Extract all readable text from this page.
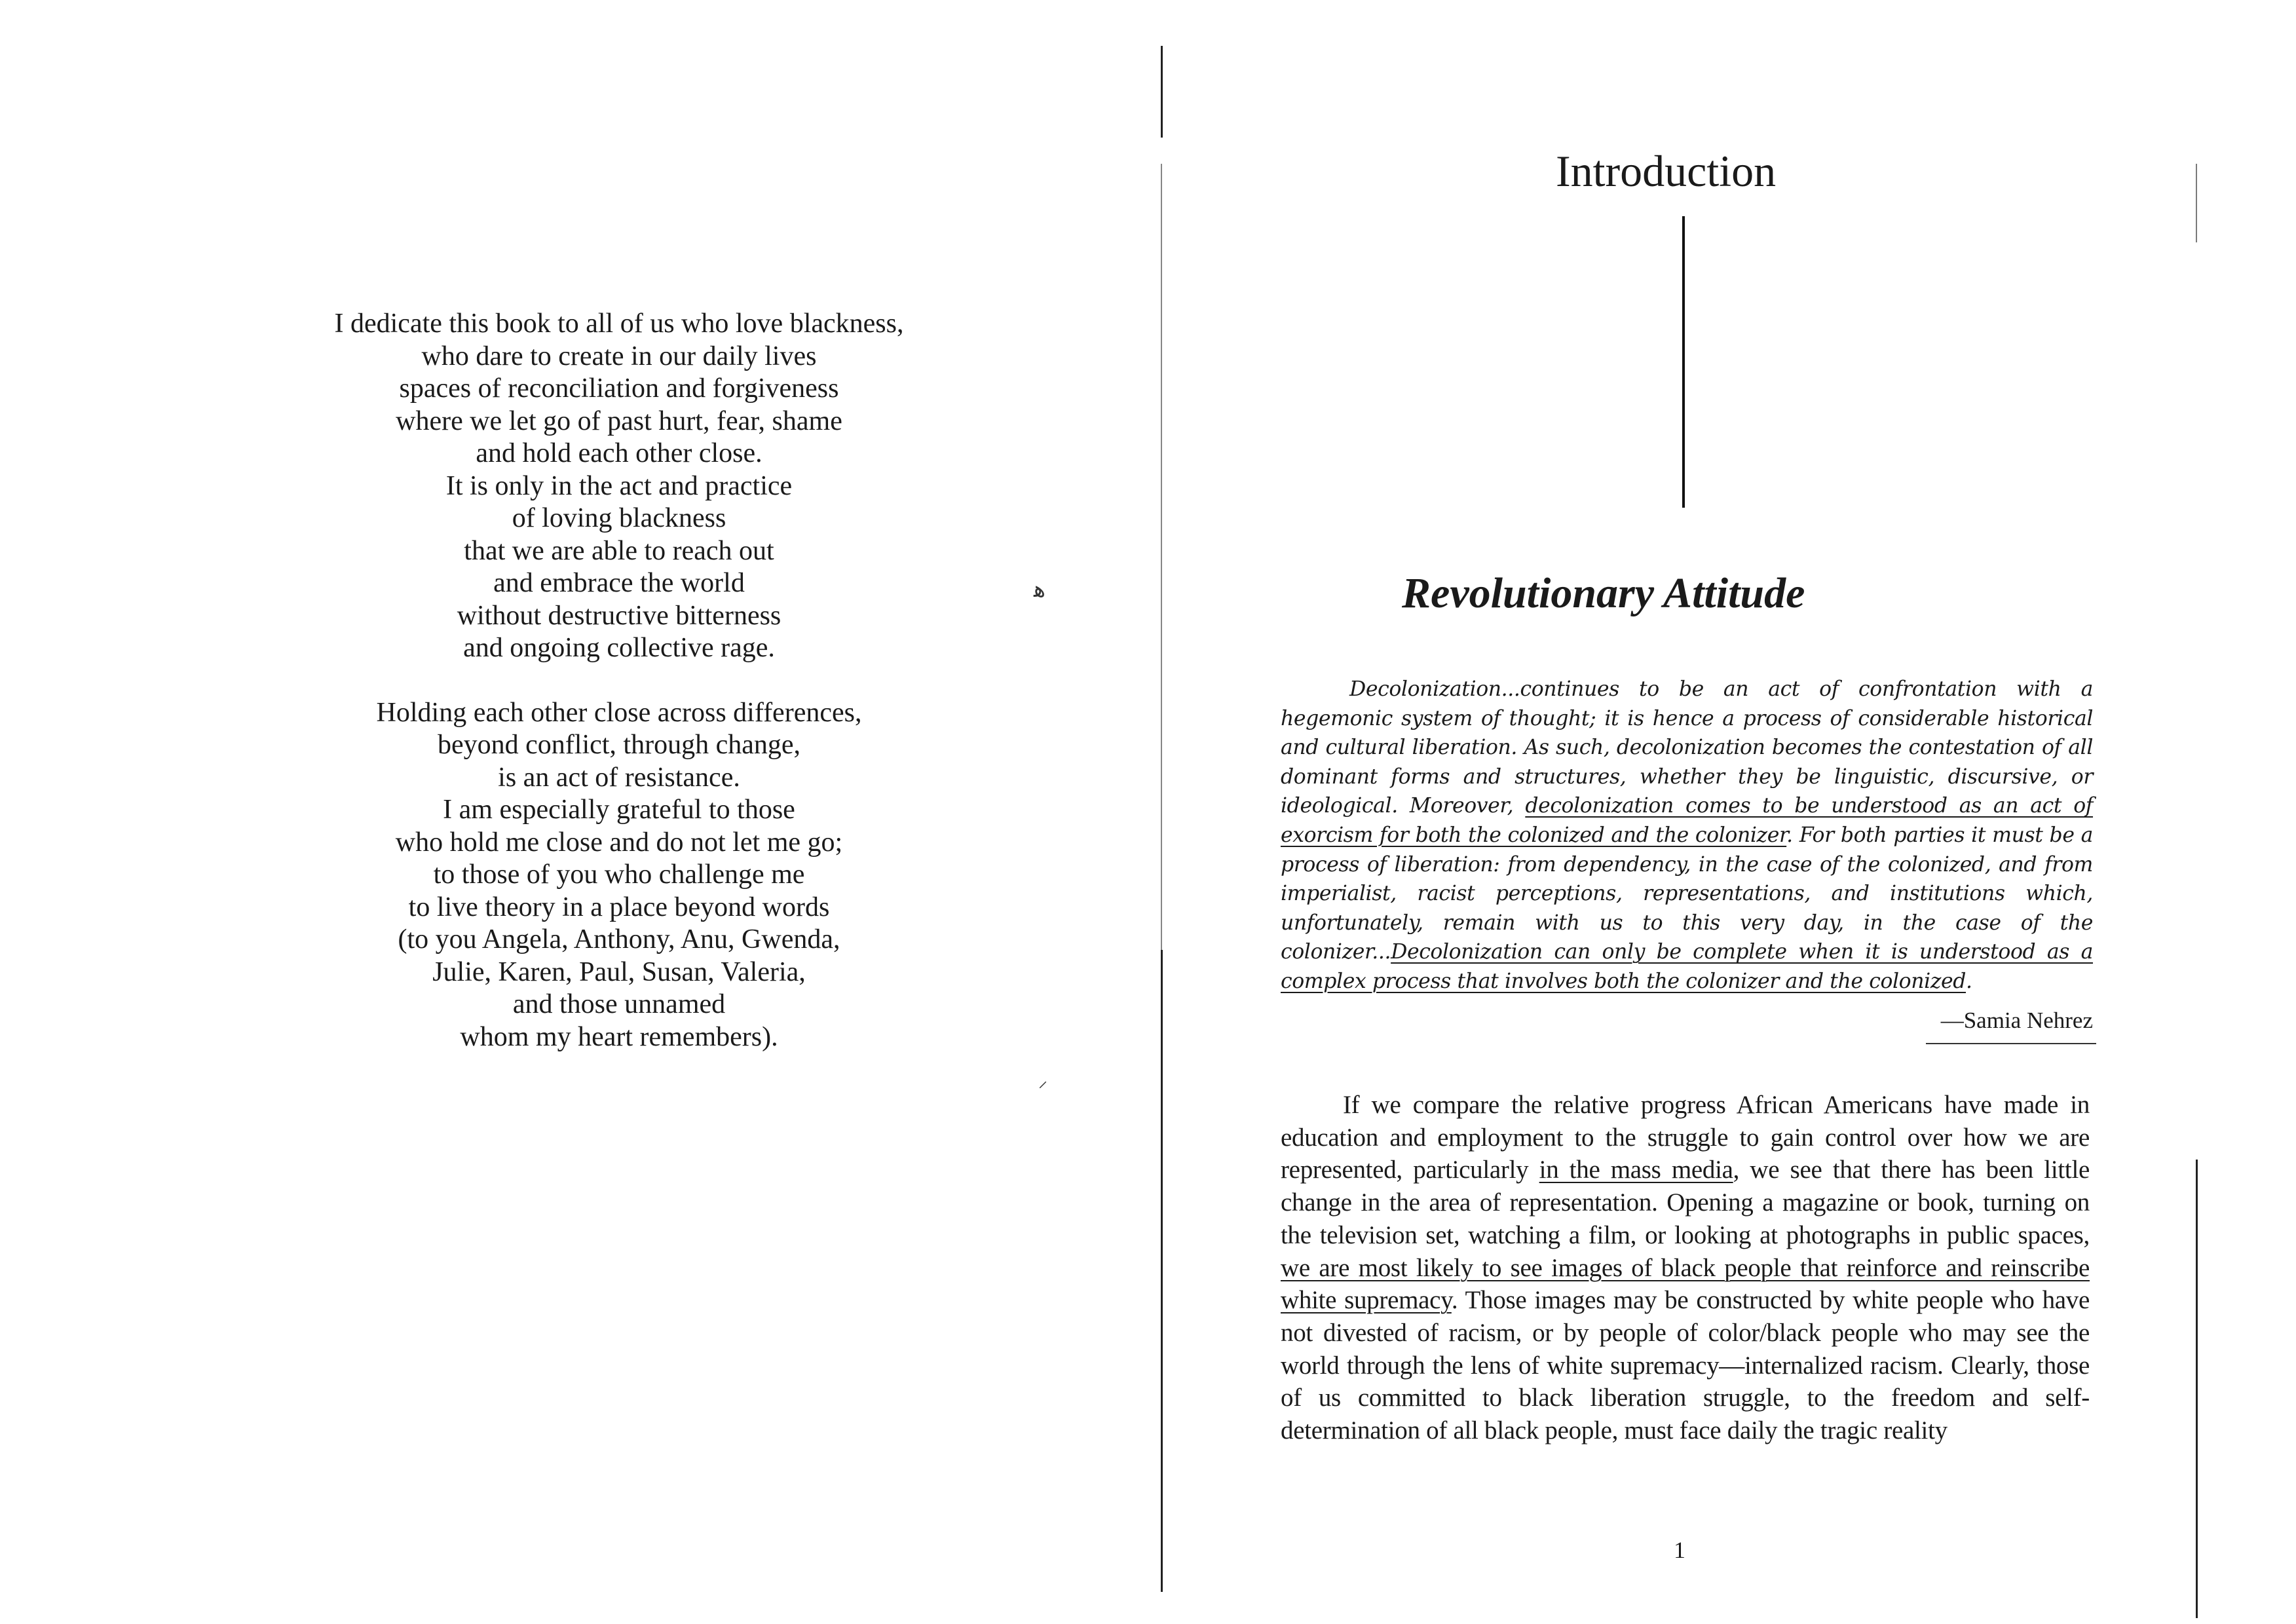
I dedicate this book to all of us who love blackness,
who dare to create in our daily lives
spaces of reconciliation and forgiveness
where we let go of past hurt, fear, shame
and hold each other close.
It is only in the act and practice
of loving blackness
that we are able to reach out
and embrace the world
without destructive bitterness
and ongoing collective rage.
Holding each other close across differences,
beyond conflict, through change,
is an act of resistance.
I am especially grateful to those
who hold me close and do not let me go;
to those of you who challenge me
to live theory in a place beyond words
(to you Angela, Anthony, Anu, Gwenda,
Julie, Karen, Paul, Susan, Valeria,
and those unnamed
whom my heart remembers).
ﻫ
⸝
Introduction
Revolutionary Attitude

Decolonization...continues to be an act of confrontation with a hegemonic system of thought; it is hence a process of considerable historical and cultural liberation. As such, decolonization becomes the contestation of all dominant forms and structures, whether they be linguistic, discursive, or ideological. Moreover, decolonization comes to be understood as an act of exorcism for both the colonized and the colonizer. For both parties it must be a process of liberation: from dependency, in the case of the colonized, and from imperialist, racist perceptions, representations, and institutions which, unfortunately, remain with us to this very day, in the case of the colonizer...Decolonization can only be complete when it is understood as a complex process that involves both the colonizer and the colonized.

—Samia Nehrez

If we compare the relative progress African Americans have made in education and employment to the struggle to gain control over how we are represented, particularly in the mass media, we see that there has been little change in the area of representation. Opening a magazine or book, turning on the television set, watching a film, or looking at photographs in public spaces, we are most likely to see images of black people that reinforce and reinscribe white supremacy. Those images may be constructed by white people who have not divested of racism, or by people of color/black people who may see the world through the lens of white supremacy—internalized racism. Clearly, those of us committed to black liberation struggle, to the freedom and self-determination of all black people, must face daily the tragic reality

1
